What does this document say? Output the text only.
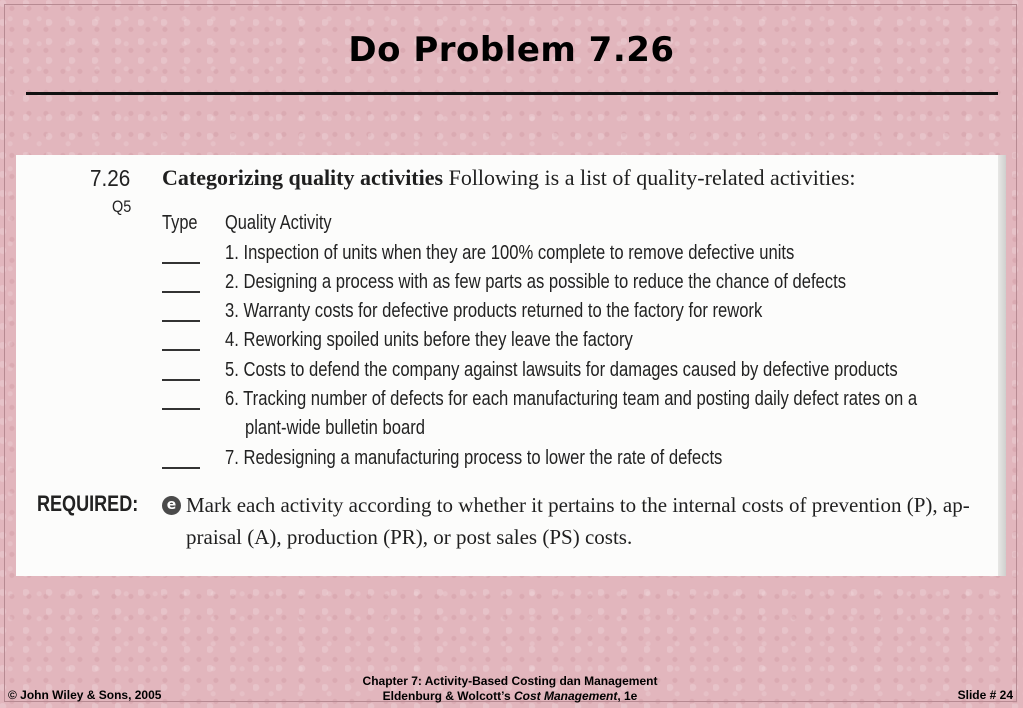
Do Problem 7.26
7.26
Q5
Categorizing quality activities Following is a list of quality-related activities:
Type Quality Activity
1. Inspection of units when they are 100% complete to remove defective units
2. Designing a process with as few parts as possible to reduce the chance of defects
3. Warranty costs for defective products returned to the factory for rework
4. Reworking spoiled units before they leave the factory
5. Costs to defend the company against lawsuits for damages caused by defective products
6. Tracking number of defects for each manufacturing team and posting daily defect rates on a
plant-wide bulletin board
7. Redesigning a manufacturing process to lower the rate of defects
REQUIRED:	e Mark each activity according to whether it pertains to the internal costs of prevention (P), ap-
praisal (A), production (PR), or post sales (PS) costs.
© John Wiley & Sons, 2005
Chapter 7: Activity-Based Costing dan Management
Eldenburg & Wolcott’s Cost Management, 1e	Slide # 24
